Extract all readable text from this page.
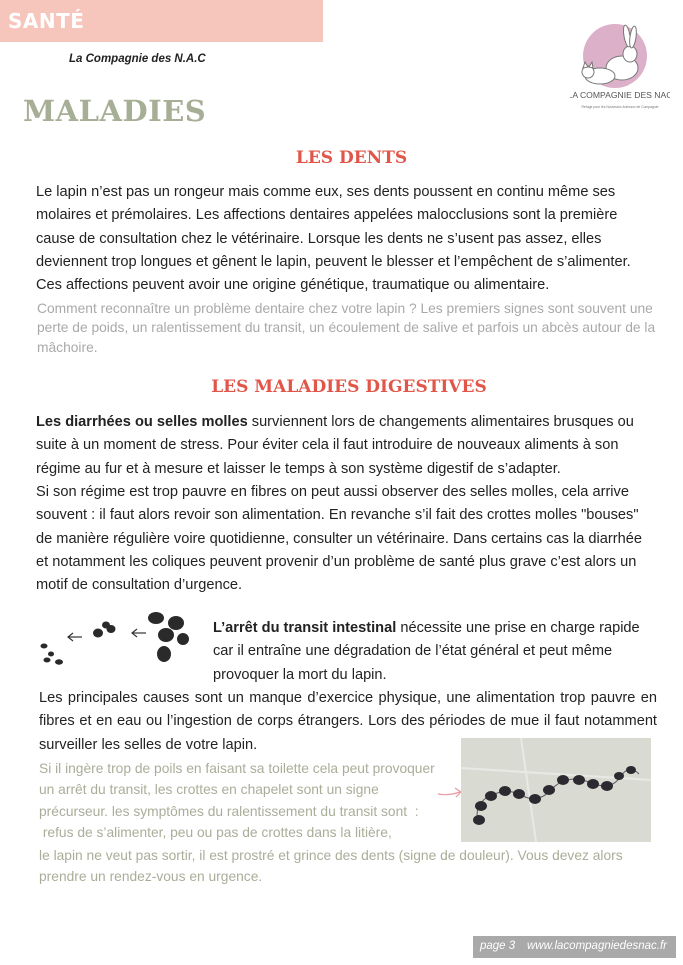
SANTÉ
La Compagnie des N.A.C
MALADIES	LA COMPAGNIE DES NAC
Refuge pour les Nouveaux Animaux de Compagnie
LES DENTS
Le lapin n’est pas un rongeur mais comme eux, ses dents poussent en continu même ses molaires et prémolaires. Les affections dentaires appelées malocclusions sont la première cause de consultation chez le vétérinaire. Lorsque les dents ne s’usent pas assez, elles deviennent trop longues et gênent le lapin, peuvent le blesser et l’empêchent de s’alimenter. Ces affections peuvent avoir une origine génétique, traumatique ou alimentaire.
Comment reconnaître un problème dentaire chez votre lapin ? Les premiers signes sont souvent une perte de poids, un ralentissement du transit, un écoulement de salive et parfois un abcès autour de la mâchoire.
LES MALADIES DIGESTIVES
Les diarrhées ou selles molles surviennent lors de changements alimentaires brusques ou suite à un moment de stress. Pour éviter cela il faut introduire de nouveaux aliments à son régime au fur et à mesure et laisser le temps à son système digestif de s’adapter.
Si son régime est trop pauvre en fibres on peut aussi observer des selles molles, cela arrive souvent : il faut alors revoir son alimentation. En revanche s’il fait des crottes molles "bouses" de manière régulière voire quotidienne, consulter un vétérinaire. Dans certains cas la diarrhée et notamment les coliques peuvent provenir d’un problème de santé plus grave c’est alors un motif de consultation d’urgence.
L’arrêt du transit intestinal nécessite une prise en charge rapide car il entraîne une dégradation de l’état général et peut même provoquer la mort du lapin.
Les principales causes sont un manque d’exercice physique, une alimentation trop pauvre en fibres et en eau ou l’ingestion de corps étrangers. Lors des périodes de mue il faut notamment surveiller les selles de votre lapin.
Si il ingère trop de poils en faisant sa toilette cela peut provoquer
un arrêt du transit, les crottes en chapelet sont un signe
précurseur. les symptômes du ralentissement du transit sont  :
refus de s’alimenter, peu ou pas de crottes dans la litière,
le lapin ne veut pas sortir, il est prostré et grince des dents (signe de douleur). Vous devez alors prendre un rendez-vous en urgence.
page 3 www.lacompagniedesnac.fr
